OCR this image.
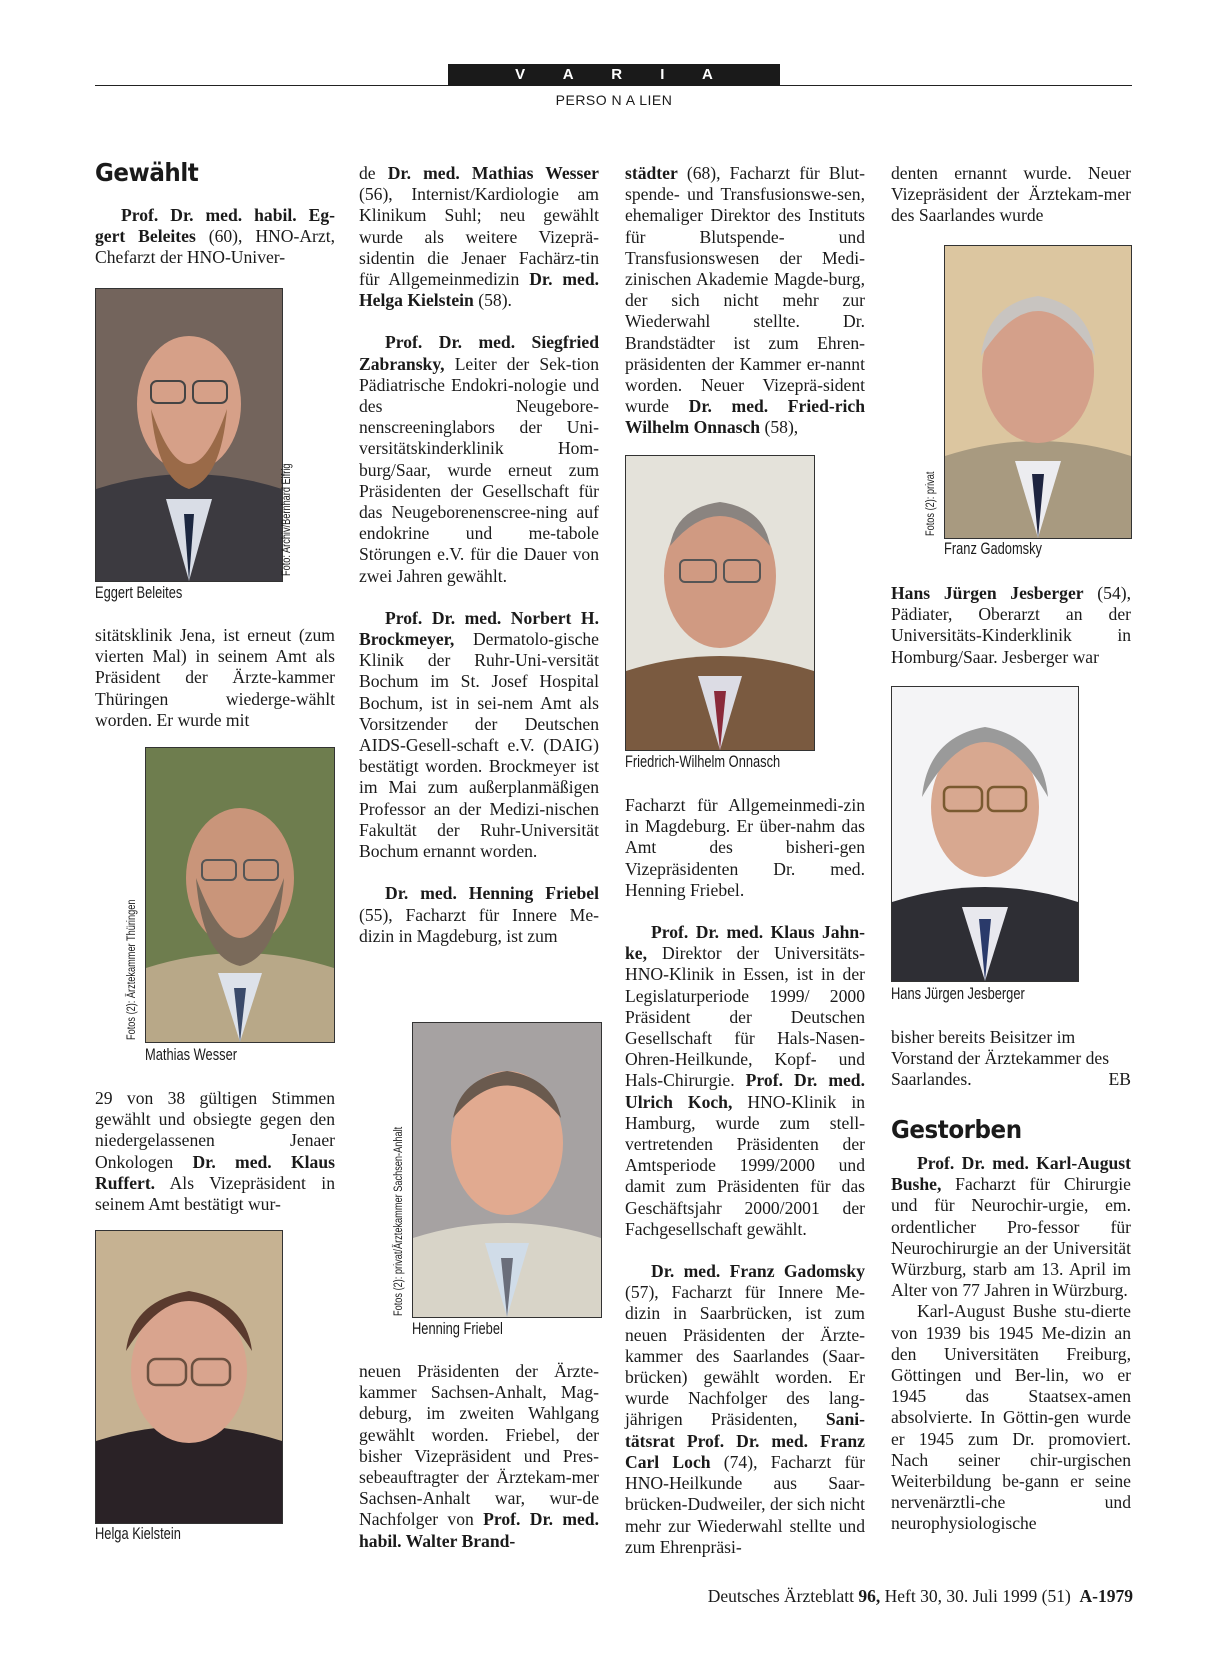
V A R I A
PERSO N A LIEN
Gewählt

Prof. Dr. med. habil. Eg-gert Beleites (60), HNO-Arzt, Chefarzt der HNO-Univer-

Foto: Archiv/Bernhard Eifrig
Eggert Beleites

sitätsklinik Jena, ist erneut (zum vierten Mal) in seinem Amt als Präsident der Ärzte-kammer Thüringen wiederge-wählt worden. Er wurde mit

Fotos (2): Ärztekammer Thüringen
Mathias Wesser

29 von 38 gültigen Stimmen gewählt und obsiegte gegen den niedergelassenen Jenaer Onkologen Dr. med. Klaus Ruffert. Als Vizepräsident in seinem Amt bestätigt wur-

Helga Kielstein

de Dr. med. Mathias Wesser (56), Internist/Kardiologie am Klinikum Suhl; neu gewählt wurde als weitere Vizeprä-sidentin die Jenaer Fachärz-tin für Allgemeinmedizin Dr. med. Helga Kielstein (58).

Prof. Dr. med. Siegfried Zabransky, Leiter der Sek-tion Pädiatrische Endokri-nologie und des Neugebore-nenscreeninglabors der Uni-versitätskinderklinik Hom-burg/Saar, wurde erneut zum Präsidenten der Gesellschaft für das Neugeborenenscree-ning auf endokrine und me-tabole Störungen e.V. für die Dauer von zwei Jahren gewählt.

Prof. Dr. med. Norbert H. Brockmeyer, Dermatolo-gische Klinik der Ruhr-Uni-versität Bochum im St. Josef Hospital Bochum, ist in sei-nem Amt als Vorsitzender der Deutschen AIDS-Gesell-schaft e.V. (DAIG) bestätigt worden. Brockmeyer ist im Mai zum außerplanmäßigen Professor an der Medizi-nischen Fakultät der Ruhr-Universität Bochum ernannt worden.

Dr. med. Henning Friebel (55), Facharzt für Innere Me-dizin in Magdeburg, ist zum

Fotos (2): privat/Ärztekammer Sachsen-Anhalt
Henning Friebel

neuen Präsidenten der Ärzte-kammer Sachsen-Anhalt, Mag-deburg, im zweiten Wahlgang gewählt worden. Friebel, der bisher Vizepräsident und Pres-sebeauftragter der Ärztekam-mer Sachsen-Anhalt war, wur-de Nachfolger von Prof. Dr. med. habil. Walter Brand-

städter (68), Facharzt für Blut-spende- und Transfusionswe-sen, ehemaliger Direktor des Instituts für Blutspende- und Transfusionswesen der Medi-zinischen Akademie Magde-burg, der sich nicht mehr zur Wiederwahl stellte. Dr. Brandstädter ist zum Ehren-präsidenten der Kammer er-nannt worden. Neuer Vizeprä-sident wurde Dr. med. Fried-rich Wilhelm Onnasch (58),

Friedrich-Wilhelm Onnasch

Facharzt für Allgemeinmedi-zin in Magdeburg. Er über-nahm das Amt des bisheri-gen Vizepräsidenten Dr. med. Henning Friebel.

Prof. Dr. med. Klaus Jahn-ke, Direktor der Universitäts-HNO-Klinik in Essen, ist in der Legislaturperiode 1999/ 2000 Präsident der Deutschen Gesellschaft für Hals-Nasen-Ohren-Heilkunde, Kopf- und Hals-Chirurgie. Prof. Dr. med. Ulrich Koch, HNO-Klinik in Hamburg, wurde zum stell-vertretenden Präsidenten der Amtsperiode 1999/2000 und damit zum Präsidenten für das Geschäftsjahr 2000/2001 der Fachgesellschaft gewählt.

Dr. med. Franz Gadomsky (57), Facharzt für Innere Me-dizin in Saarbrücken, ist zum neuen Präsidenten der Ärzte-kammer des Saarlandes (Saar-brücken) gewählt worden. Er wurde Nachfolger des lang-jährigen Präsidenten, Sani-tätsrat Prof. Dr. med. Franz Carl Loch (74), Facharzt für HNO-Heilkunde aus Saar-brücken-Dudweiler, der sich nicht mehr zur Wiederwahl stellte und zum Ehrenpräsi-

denten ernannt wurde. Neuer Vizepräsident der Ärztekam-mer des Saarlandes wurde

Fotos (2): privat
Franz Gadomsky

Hans Jürgen Jesberger (54), Pädiater, Oberarzt an der Universitäts-Kinderklinik in Homburg/Saar. Jesberger war

Hans Jürgen Jesberger

bisher bereits Beisitzer im Vorstand der Ärztekammer des Saarlandes.	EB

Gestorben

Prof. Dr. med. Karl-August Bushe, Facharzt für Chirurgie und für Neurochir-urgie, em. ordentlicher Pro-fessor für Neurochirurgie an der Universität Würzburg, starb am 13. April im Alter von 77 Jahren in Würzburg.

Karl-August Bushe stu-dierte von 1939 bis 1945 Me-dizin an den Universitäten Freiburg, Göttingen und Ber-lin, wo er 1945 das Staatsex-amen absolvierte. In Göttin-gen wurde er 1945 zum Dr. promoviert. Nach seiner chir-urgischen Weiterbildung be-gann er seine nervenärztli-che und neurophysiologische

Deutsches Ärzteblatt 96, Heft 30, 30. Juli 1999 (51) A-1979
